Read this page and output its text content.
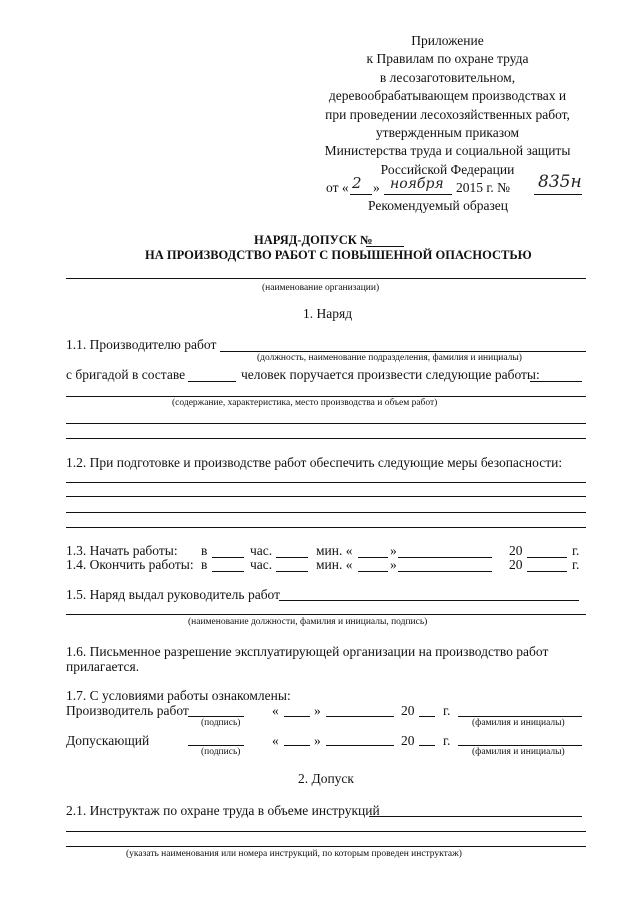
Приложение
к Правилам по охране труда
в лесозаготовительном,
деревообрабатывающем производствах и
при проведении лесохозяйственных работ,
утвержденным приказом
Министерства труда и социальной защиты
Российской Федерации
от « 2 » ноября 2015 г. № 835н
Рекомендуемый образец
НАРЯД-ДОПУСК №
НА ПРОИЗВОДСТВО РАБОТ С ПОВЫШЕННОЙ ОПАСНОСТЬЮ
(наименование организации)
1. Наряд
1.1. Производителю работ
(должность, наименование подразделения, фамилия и инициалы)
с бригадой в составе	человек поручается произвести следующие работы:
(содержание, характеристика, место производства и объем работ)
1.2. При подготовке и производстве работ обеспечить следующие меры безопасности:
1.3. Начать работы: в	час.	мин. «	»	20	г.
1.4. Окончить работы: в	час.	мин. «	»	20	г.
1.5. Наряд выдал руководитель работ
(наименование должности, фамилия и инициалы, подпись)
1.6. Письменное разрешение эксплуатирующей организации на производство работ
прилагается.
1.7. С условиями работы ознакомлены:
Производитель работ	«	»	20 г.
(подпись)	(фамилия и инициалы)
Допускающий	«	»	20 г.
(подпись)	(фамилия и инициалы)
2. Допуск
2.1. Инструктаж по охране труда в объеме инструкций
(указать наименования или номера инструкций, по которым проведен инструктаж)
